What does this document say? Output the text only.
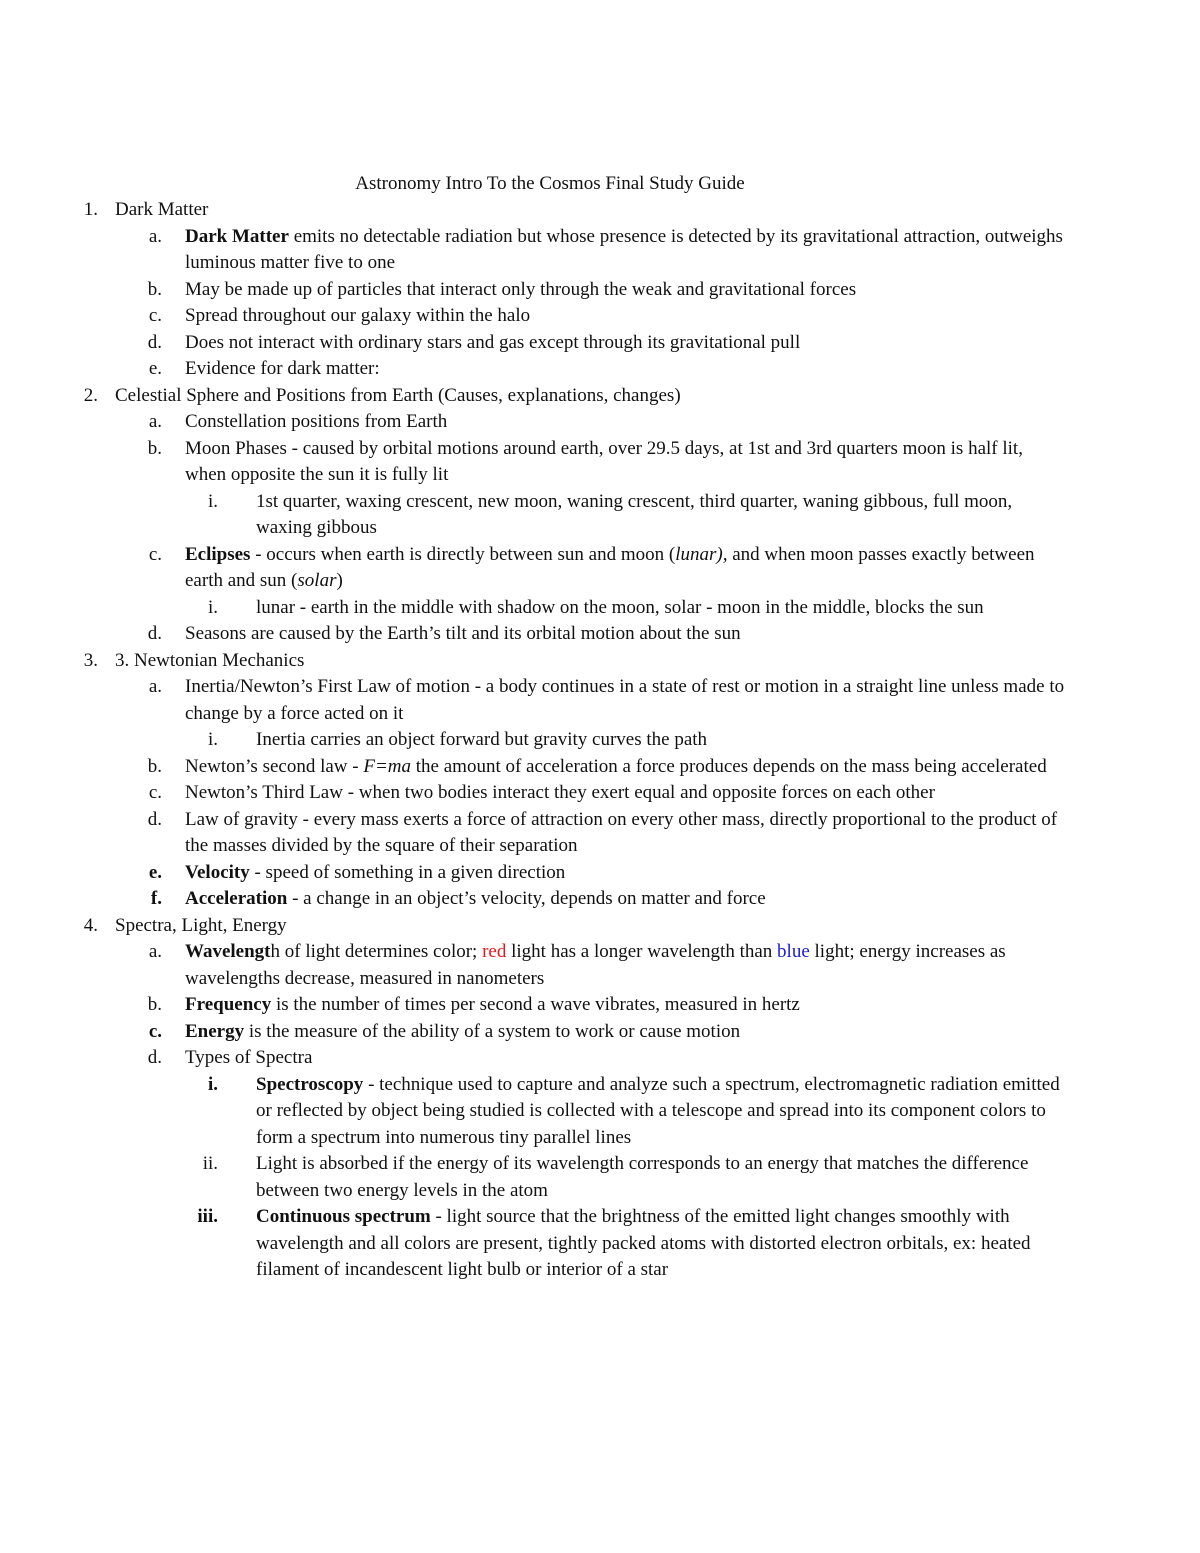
Astronomy Intro To the Cosmos Final Study Guide
1. Dark Matter
a. Dark Matter emits no detectable radiation but whose presence is detected by its gravitational attraction, outweighs luminous matter five to one
b. May be made up of particles that interact only through the weak and gravitational forces
c. Spread throughout our galaxy within the halo
d. Does not interact with ordinary stars and gas except through its gravitational pull
e. Evidence for dark matter:
2. Celestial Sphere and Positions from Earth (Causes, explanations, changes)
a. Constellation positions from Earth
b. Moon Phases - caused by orbital motions around earth, over 29.5 days, at 1st and 3rd quarters moon is half lit, when opposite the sun it is fully lit
i. 1st quarter, waxing crescent, new moon, waning crescent, third quarter, waning gibbous, full moon, waxing gibbous
c. Eclipses - occurs when earth is directly between sun and moon (lunar), and when moon passes exactly between earth and sun (solar)
i. lunar - earth in the middle with shadow on the moon, solar - moon in the middle, blocks the sun
d. Seasons are caused by the Earth’s tilt and its orbital motion about the sun
3. 3. Newtonian Mechanics
a. Inertia/Newton’s First Law of motion - a body continues in a state of rest or motion in a straight line unless made to change by a force acted on it
i. Inertia carries an object forward but gravity curves the path
b. Newton’s second law - F=ma the amount of acceleration a force produces depends on the mass being accelerated
c. Newton’s Third Law - when two bodies interact they exert equal and opposite forces on each other
d. Law of gravity - every mass exerts a force of attraction on every other mass, directly proportional to the product of the masses divided by the square of their separation
e. Velocity - speed of something in a given direction
f. Acceleration - a change in an object’s velocity, depends on matter and force
4. Spectra, Light, Energy
a. Wavelength of light determines color; red light has a longer wavelength than blue light; energy increases as wavelengths decrease, measured in nanometers
b. Frequency is the number of times per second a wave vibrates, measured in hertz
c. Energy is the measure of the ability of a system to work or cause motion
d. Types of Spectra
i. Spectroscopy - technique used to capture and analyze such a spectrum, electromagnetic radiation emitted or reflected by object being studied is collected with a telescope and spread into its component colors to form a spectrum into numerous tiny parallel lines
ii. Light is absorbed if the energy of its wavelength corresponds to an energy that matches the difference between two energy levels in the atom
iii. Continuous spectrum - light source that the brightness of the emitted light changes smoothly with wavelength and all colors are present, tightly packed atoms with distorted electron orbitals, ex: heated filament of incandescent light bulb or interior of a star
